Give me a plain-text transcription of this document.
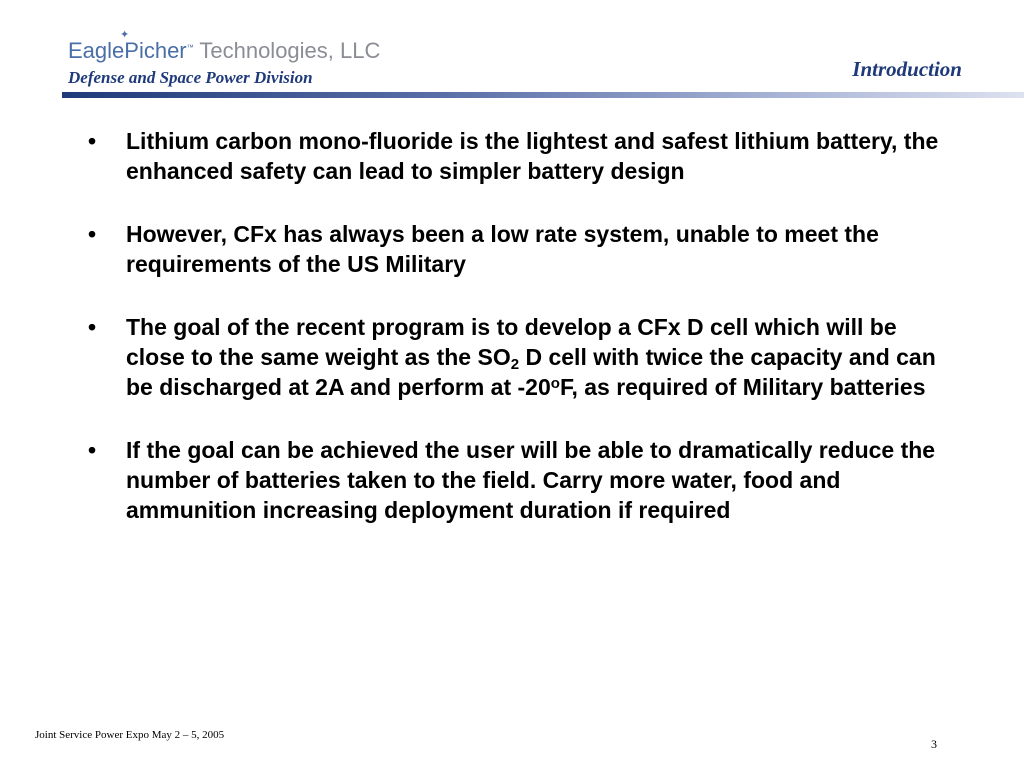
✦
EaglePicher™ Technologies, LLC
Defense and Space Power Division	Introduction
•	Lithium carbon mono-fluoride is the lightest and safest lithium battery, the enhanced safety can lead to simpler battery design
•	However, CFx has always been a low rate system, unable to meet the requirements of the US Military
•	The goal of the recent program is to develop a CFx D cell which will be close to the same weight as the $SO_2$ D cell with twice the capacity and can be discharged at 2A and perform at -20$^o$F, as required of Military batteries
•	If the goal can be achieved the user will be able to dramatically reduce the number of batteries taken to the field. Carry more water, food and ammunition increasing deployment duration if required
Joint Service Power Expo May 2 – 5, 2005
3
